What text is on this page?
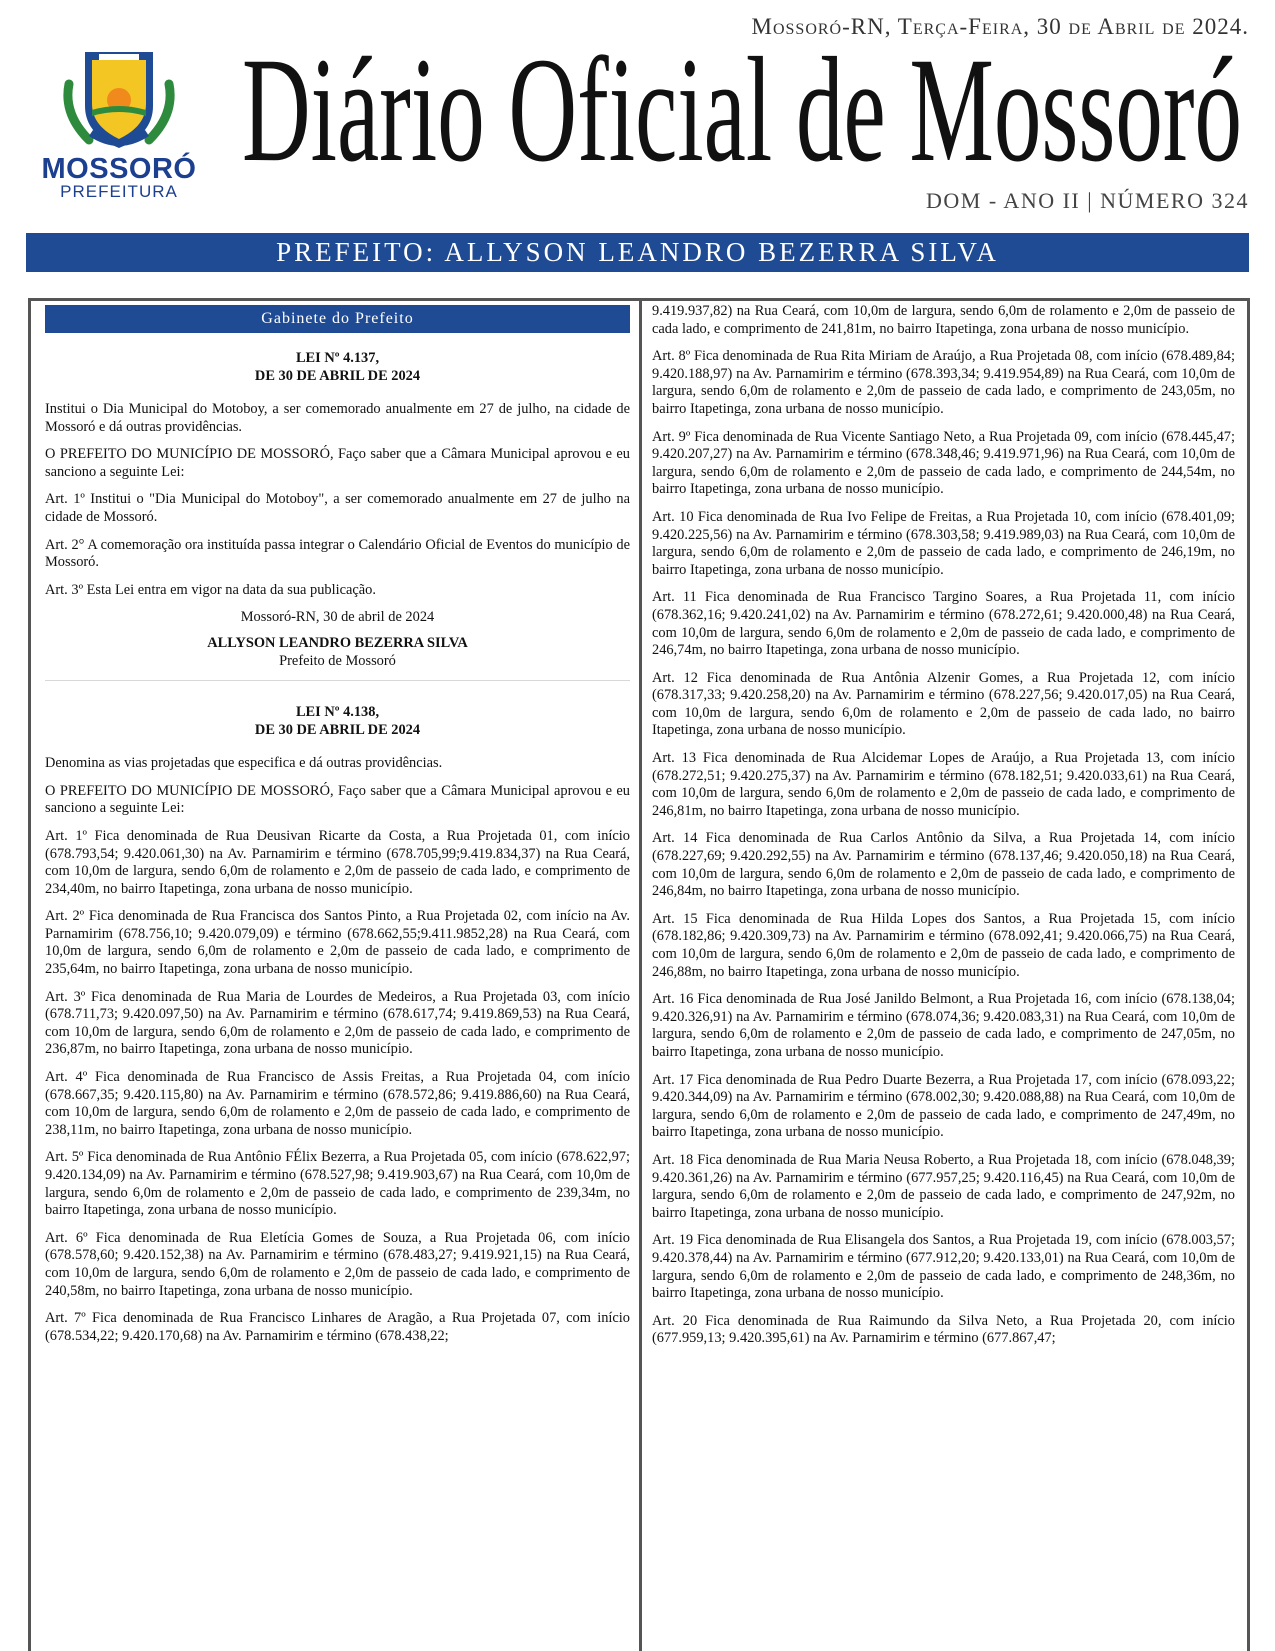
MOSSORÓ
PREFEITURA
Mossoró-RN, Terça-Feira, 30 de Abril de 2024.
Diário Oficial de Mossoró
DOM - ANO II | NÚMERO 324
PREFEITO: ALLYSON LEANDRO BEZERRA SILVA
Gabinete do Prefeito
LEI Nº 4.137,
DE 30 DE ABRIL DE 2024

Institui o Dia Municipal do Motoboy, a ser comemorado anualmente em 27 de julho, na cidade de Mossoró e dá outras providências.

O PREFEITO DO MUNICÍPIO DE MOSSORÓ, Faço saber que a Câmara Municipal aprovou e eu sanciono a seguinte Lei:

Art. 1º Institui o "Dia Municipal do Motoboy", a ser comemorado anualmente em 27 de julho na cidade de Mossoró.

Art. 2° A comemoração ora instituída passa integrar o Calendário Oficial de Eventos do município de Mossoró.

Art. 3º Esta Lei entra em vigor na data da sua publicação.

Mossoró-RN, 30 de abril de 2024
ALLYSON LEANDRO BEZERRA SILVA
Prefeito de Mossoró
LEI Nº 4.138,
DE 30 DE ABRIL DE 2024

Denomina as vias projetadas que especifica e dá outras providências.

O PREFEITO DO MUNICÍPIO DE MOSSORÓ, Faço saber que a Câmara Municipal aprovou e eu sanciono a seguinte Lei:

Art. 1º Fica denominada de Rua Deusivan Ricarte da Costa, a Rua Projetada 01, com início (678.793,54; 9.420.061,30) na Av. Parnamirim e término (678.705,99;9.419.834,37) na Rua Ceará, com 10,0m de largura, sendo 6,0m de rolamento e 2,0m de passeio de cada lado, e comprimento de 234,40m, no bairro Itapetinga, zona urbana de nosso município.

Art. 2º Fica denominada de Rua Francisca dos Santos Pinto, a Rua Projetada 02, com início na Av. Parnamirim (678.756,10; 9.420.079,09) e término (678.662,55;9.411.9852,28) na Rua Ceará, com 10,0m de largura, sendo 6,0m de rolamento e 2,0m de passeio de cada lado, e comprimento de 235,64m, no bairro Itapetinga, zona urbana de nosso município.

Art. 3º Fica denominada de Rua Maria de Lourdes de Medeiros, a Rua Projetada 03, com início (678.711,73; 9.420.097,50) na Av. Parnamirim e término (678.617,74; 9.419.869,53) na Rua Ceará, com 10,0m de largura, sendo 6,0m de rolamento e 2,0m de passeio de cada lado, e comprimento de 236,87m, no bairro Itapetinga, zona urbana de nosso município.

Art. 4º Fica denominada de Rua Francisco de Assis Freitas, a Rua Projetada 04, com início (678.667,35; 9.420.115,80) na Av. Parnamirim e término (678.572,86; 9.419.886,60) na Rua Ceará, com 10,0m de largura, sendo 6,0m de rolamento e 2,0m de passeio de cada lado, e comprimento de 238,11m, no bairro Itapetinga, zona urbana de nosso município.

Art. 5º Fica denominada de Rua Antônio FÉlix Bezerra, a Rua Projetada 05, com início (678.622,97; 9.420.134,09) na Av. Parnamirim e término (678.527,98; 9.419.903,67) na Rua Ceará, com 10,0m de largura, sendo 6,0m de rolamento e 2,0m de passeio de cada lado, e comprimento de 239,34m, no bairro Itapetinga, zona urbana de nosso município.

Art. 6º Fica denominada de Rua Eletícia Gomes de Souza, a Rua Projetada 06, com início (678.578,60; 9.420.152,38) na Av. Parnamirim e término (678.483,27; 9.419.921,15) na Rua Ceará, com 10,0m de largura, sendo 6,0m de rolamento e 2,0m de passeio de cada lado, e comprimento de 240,58m, no bairro Itapetinga, zona urbana de nosso município.

Art. 7º Fica denominada de Rua Francisco Linhares de Aragão, a Rua Projetada 07, com início (678.534,22; 9.420.170,68) na Av. Parnamirim e término (678.438,22;

9.419.937,82) na Rua Ceará, com 10,0m de largura, sendo 6,0m de rolamento e 2,0m de passeio de cada lado, e comprimento de 241,81m, no bairro Itapetinga, zona urbana de nosso município.

Art. 8º Fica denominada de Rua Rita Miriam de Araújo, a Rua Projetada 08, com início (678.489,84; 9.420.188,97) na Av. Parnamirim e término (678.393,34; 9.419.954,89) na Rua Ceará, com 10,0m de largura, sendo 6,0m de rolamento e 2,0m de passeio de cada lado, e comprimento de 243,05m, no bairro Itapetinga, zona urbana de nosso município.

Art. 9º Fica denominada de Rua Vicente Santiago Neto, a Rua Projetada 09, com início (678.445,47; 9.420.207,27) na Av. Parnamirim e término (678.348,46; 9.419.971,96) na Rua Ceará, com 10,0m de largura, sendo 6,0m de rolamento e 2,0m de passeio de cada lado, e comprimento de 244,54m, no bairro Itapetinga, zona urbana de nosso município.

Art. 10 Fica denominada de Rua Ivo Felipe de Freitas, a Rua Projetada 10, com início (678.401,09; 9.420.225,56) na Av. Parnamirim e término (678.303,58; 9.419.989,03) na Rua Ceará, com 10,0m de largura, sendo 6,0m de rolamento e 2,0m de passeio de cada lado, e comprimento de 246,19m, no bairro Itapetinga, zona urbana de nosso município.

Art. 11 Fica denominada de Rua Francisco Targino Soares, a Rua Projetada 11, com início (678.362,16; 9.420.241,02) na Av. Parnamirim e término (678.272,61; 9.420.000,48) na Rua Ceará, com 10,0m de largura, sendo 6,0m de rolamento e 2,0m de passeio de cada lado, e comprimento de 246,74m, no bairro Itapetinga, zona urbana de nosso município.

Art. 12 Fica denominada de Rua Antônia Alzenir Gomes, a Rua Projetada 12, com início (678.317,33; 9.420.258,20) na Av. Parnamirim e término (678.227,56; 9.420.017,05) na Rua Ceará, com 10,0m de largura, sendo 6,0m de rolamento e 2,0m de passeio de cada lado, no bairro Itapetinga, zona urbana de nosso município.

Art. 13 Fica denominada de Rua Alcidemar Lopes de Araújo, a Rua Projetada 13, com início (678.272,51; 9.420.275,37) na Av. Parnamirim e término (678.182,51; 9.420.033,61) na Rua Ceará, com 10,0m de largura, sendo 6,0m de rolamento e 2,0m de passeio de cada lado, e comprimento de 246,81m, no bairro Itapetinga, zona urbana de nosso município.

Art. 14 Fica denominada de Rua Carlos Antônio da Silva, a Rua Projetada 14, com início (678.227,69; 9.420.292,55) na Av. Parnamirim e término (678.137,46; 9.420.050,18) na Rua Ceará, com 10,0m de largura, sendo 6,0m de rolamento e 2,0m de passeio de cada lado, e comprimento de 246,84m, no bairro Itapetinga, zona urbana de nosso município.

Art. 15 Fica denominada de Rua Hilda Lopes dos Santos, a Rua Projetada 15, com início (678.182,86; 9.420.309,73) na Av. Parnamirim e término (678.092,41; 9.420.066,75) na Rua Ceará, com 10,0m de largura, sendo 6,0m de rolamento e 2,0m de passeio de cada lado, e comprimento de 246,88m, no bairro Itapetinga, zona urbana de nosso município.

Art. 16 Fica denominada de Rua José Janildo Belmont, a Rua Projetada 16, com início (678.138,04; 9.420.326,91) na Av. Parnamirim e término (678.074,36; 9.420.083,31) na Rua Ceará, com 10,0m de largura, sendo 6,0m de rolamento e 2,0m de passeio de cada lado, e comprimento de 247,05m, no bairro Itapetinga, zona urbana de nosso município.

Art. 17 Fica denominada de Rua Pedro Duarte Bezerra, a Rua Projetada 17, com início (678.093,22; 9.420.344,09) na Av. Parnamirim e término (678.002,30; 9.420.088,88) na Rua Ceará, com 10,0m de largura, sendo 6,0m de rolamento e 2,0m de passeio de cada lado, e comprimento de 247,49m, no bairro Itapetinga, zona urbana de nosso município.

Art. 18 Fica denominada de Rua Maria Neusa Roberto, a Rua Projetada 18, com início (678.048,39; 9.420.361,26) na Av. Parnamirim e término (677.957,25; 9.420.116,45) na Rua Ceará, com 10,0m de largura, sendo 6,0m de rolamento e 2,0m de passeio de cada lado, e comprimento de 247,92m, no bairro Itapetinga, zona urbana de nosso município.

Art. 19 Fica denominada de Rua Elisangela dos Santos, a Rua Projetada 19, com início (678.003,57; 9.420.378,44) na Av. Parnamirim e término (677.912,20; 9.420.133,01) na Rua Ceará, com 10,0m de largura, sendo 6,0m de rolamento e 2,0m de passeio de cada lado, e comprimento de 248,36m, no bairro Itapetinga, zona urbana de nosso município.

Art. 20 Fica denominada de Rua Raimundo da Silva Neto, a Rua Projetada 20, com início (677.959,13; 9.420.395,61) na Av. Parnamirim e término (677.867,47;
